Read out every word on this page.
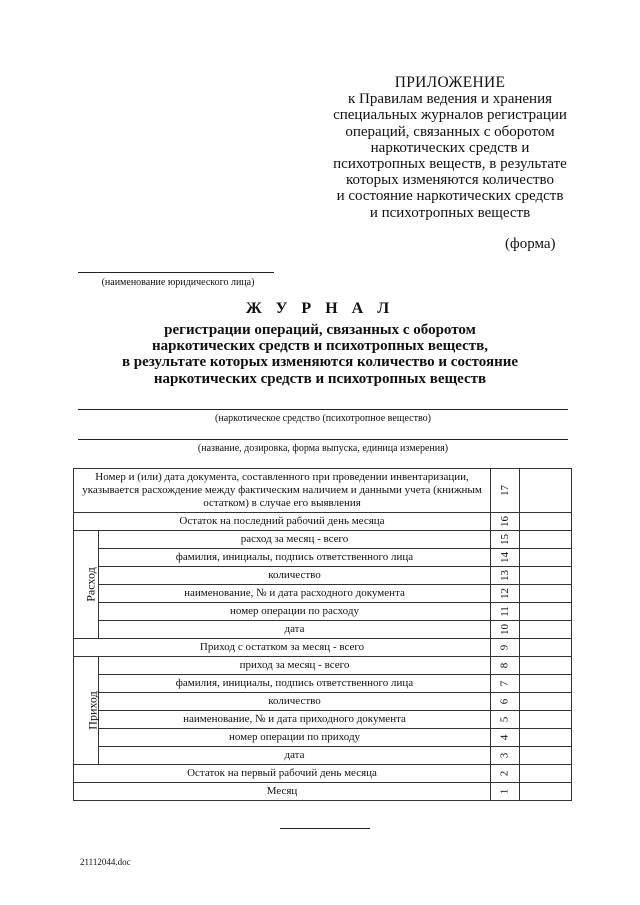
ПРИЛОЖЕНИЕ
к Правилам ведения и хранения
специальных журналов регистрации
операций, связанных с оборотом
наркотических средств и
психотропных веществ, в результате
которых изменяются количество
и состояние наркотических средств
и психотропных веществ
(форма)
(наименование юридического лица)
Ж У Р Н А Л
регистрации операций, связанных с оборотом
наркотических средств и психотропных веществ,
в результате которых изменяются количество и состояние
наркотических средств и психотропных веществ
(наркотическое средство (психотропное вещество)
(название, дозировка, форма выпуска, единица измерения)
Номер и (или) дата документа, составленного при проведении инвентаризации, указывается расхождение между фактическим наличием и данными учета (книжным остатком) в случае его выявления		17	
Остаток на последний рабочий день месяца		16	
Расход	расход за месяц - всего	15	
	фамилия, инициалы, подпись ответственного лица	14	
	количество	13	
	наименование, № и дата расходного документа	12	
	номер операции по расходу	11	
	дата	10	
Приход с остатком за месяц - всего		9	
Приход	приход за месяц - всего	8	
	фамилия, инициалы, подпись ответственного лица	7	
	количество	6	
	наименование, № и дата приходного документа	5	
	номер операции по приходу	4	
	дата	3	
Остаток на первый рабочий день месяца		2	
Месяц		1	
21112044.doc
